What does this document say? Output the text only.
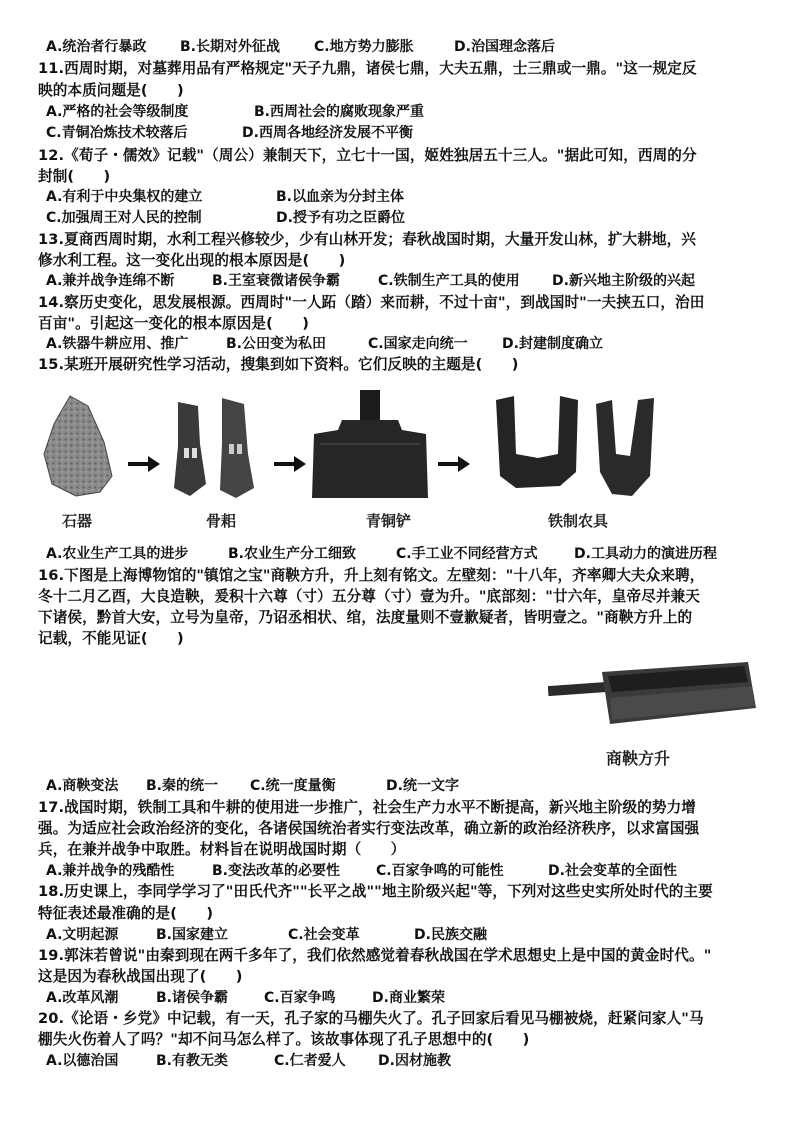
A.统治者行暴政 B.长期对外征战 C.地方势力膨胀	D.治国理念落后
11.西周时期，对墓葬用品有严格规定"天子九鼎，诸侯七鼎，大夫五鼎，士三鼎或一鼎。"这一规定反
映的本质问题是(　　)
A.严格的社会等级制度	B.西周社会的腐败现象严重
C.青铜冶炼技术较落后	D.西周各地经济发展不平衡
12.《荀子・儒效》记载"（周公）兼制天下，立七十一国，姬姓独居五十三人。"据此可知，西周的分
封制(　　)
A.有利于中央集权的建立	B.以血亲为分封主体
C.加强周王对人民的控制	D.授予有功之臣爵位
13.夏商西周时期，水利工程兴修较少，少有山林开发；春秋战国时期，大量开发山林，扩大耕地，兴
修水利工程。这一变化出现的根本原因是(　　)
A.兼并战争连绵不断	B.王室衰微诸侯争霸	C.铁制生产工具的使用 D.新兴地主阶级的兴起
14.察历史变化，思发展根源。西周时"一人跖（踏）来而耕，不过十亩"，到战国时"一夫挟五口，治田
百亩"。引起这一变化的根本原因是(　　)
A.铁器牛耕应用、推广	B.公田变为私田	C.国家走向统一 D.封建制度确立
15.某班开展研究性学习活动，搜集到如下资料。它们反映的主题是(　　)
石器	骨耜	青铜铲	铁制农具
A.农业生产工具的进步	B.农业生产分工细致	C.手工业不同经营方式	D.工具动力的演进历程
16.下图是上海博物馆的"镇馆之宝"商鞅方升，升上刻有铭文。左壁刻："十八年，齐率卿大夫众来聘，
冬十二月乙酉，大良造鞅，爰积十六尊（寸）五分尊（寸）壹为升。"底部刻："廿六年，皇帝尽并兼天
下诸侯，黔首大安，立号为皇帝，乃诏丞相状、绾，法度量则不壹歉疑者，皆明壹之。"商鞅方升上的
记载，不能见证(　　)
商鞅方升
A.商鞅变法 B.秦的统一 C.统一度量衡	D.统一文字
17.战国时期，铁制工具和牛耕的使用进一步推广，社会生产力水平不断提高，新兴地主阶级的势力增
强。为适应社会政治经济的变化，各诸侯国统治者实行变法改革，确立新的政治经济秩序，以求富国强
兵，在兼并战争中取胜。材料旨在说明战国时期（　　）
A.兼并战争的残酷性	B.变法改革的必要性	C.百家争鸣的可能性	D.社会变革的全面性
18.历史课上，李同学学习了"田氏代齐""长平之战""地主阶级兴起"等，下列对这些史实所处时代的主要
特征表述最准确的是(　　)
A.文明起源	B.国家建立	C.社会变革	D.民族交融
19.郭沫若曾说"由秦到现在两千多年了，我们依然感觉着春秋战国在学术思想史上是中国的黄金时代。"
这是因为春秋战国出现了(　　)
A.改革风潮	B.诸侯争霸	C.百家争鸣	D.商业繁荣
20.《论语・乡党》中记载，有一天，孔子家的马棚失火了。孔子回家后看见马棚被烧，赶紧问家人"马
棚失火伤着人了吗？"却不问马怎么样了。该故事体现了孔子思想中的(　　)
A.以德治国	B.有教无类	C.仁者爱人 D.因材施教
